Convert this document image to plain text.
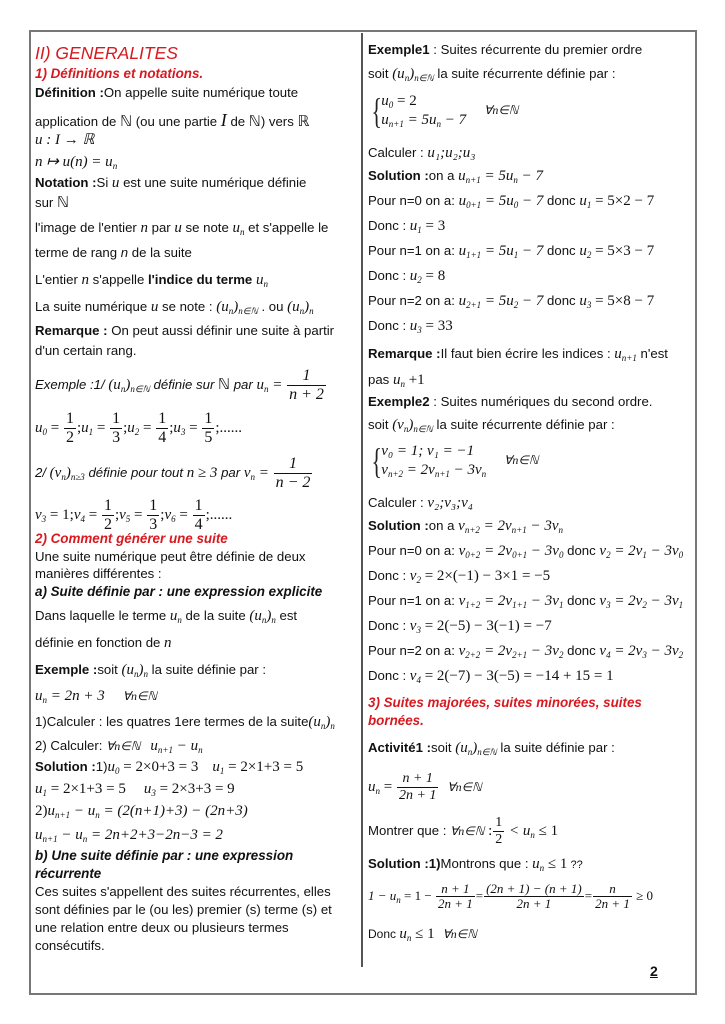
II) GENERALITES
1) Définitions et notations.
Définition :On appelle suite numérique toute
application de ℕ (ou une partie I de ℕ) vers ℝ
u : I → ℝ
n ↦ $u(n) = u_n$
Notation :Si u est une suite numérique définie
sur ℕ
l'image de l'entier n par u se note $u_n$ et s'appelle le
terme de rang n de la suite
L'entier n s'appelle l'indice du terme $u_n$
La suite numérique u se note : $(u_n)_{n\in ℕ}$ . ou $(u_n)_n$
Remarque : On peut aussi définir une suite à partir
d'un certain rang.
Exemple :1/ $(u_n)_{n\in ℕ}$ définie sur ℕ par $u_n = \frac{1}{n + 2}$
$u_0 = \frac{1}{2}$ $;u_1 = \frac{1}{3}$ $;u_2 = \frac{1}{4}$ $;u_3 = \frac{1}{5}$ ;......
2/ $(v_n)_{n\ge 3}$ définie pour tout n ≥ 3 par $v_n = \frac{1}{n - 2}$
$v_3$ = $1;v_4 = \frac{1}{2}$ $;v_5 = \frac{1}{3}$ $;v_6 = \frac{1}{4}$ ;......
2) Comment générer une suite
Une suite numérique peut être définie de deux
manières différentes :
a) Suite définie par : une expression explicite
Dans laquelle le terme $u_n$ de la suite $(u_n)_n$ est
définie en fonction de n
Exemple :soit $(u_n)_n$ la suite définie par :
$u_n = 2n + 3$ ∀n∈ℕ
1)Calculer : les quatres 1ere termes de la $suite(u_n)_n$
2) Calculer: ∀n∈ℕ $u_{n+1} - u_n$
Solution $:1)u_0 = 2\times 0+3 = 3$ $u_1 = 2\times 1+3 = 5$
$u_1 = 2\times 1+3 = 5$ $u_3 = 2\times 3+3 = 9$
$2)u_{n+1} - u_n = (2(n+1)+3) - (2n+3)$
$u_{n+1} - u_n = 2n+2+3-2n-3 = 2$
b) Une suite définie par : une expression
récurrente
Ces suites s'appellent des suites récurrentes, elles
sont définies par le (ou les) premier (s) terme (s) et
une relation entre deux ou plusieurs termes
consécutifs.
Exemple1 : Suites récurrente du premier ordre
soit $(u_n)_{n\in ℕ}$ la suite récurrente définie par :
{ $u_0 = 2$
$u_{n+1} = 5u_n - 7$
∀n∈ℕ
Calculer : u₁;u₂;u₃
Solution :on a $u_{n+1} = 5u_n - 7$
Pour n=0 on a: $u_{0+1} = 5u_0 - 7$ donc $u_1 = 5\times 2 - 7$
Donc : $u_1 = 3$
Pour n=1 on a: $u_{1+1} = 5u_1 - 7$ donc $u_2 = 5\times 3 - 7$
Donc : $u_2 = 8$
Pour n=2 on a: $u_{2+1} = 5u_2 - 7$ donc $u_3 = 5\times 8 - 7$
Donc : $u_3 = 33$
Remarque :Il faut bien écrire les indices : $u_{n+1}$ n'est
pas $u_n +1$
Exemple2 : Suites numériques du second ordre.
soit $(v_n)_{n\in ℕ}$ la suite récurrente définie par :
{ v₀ = 1; v₁ = −1
$v_{n+2} = 2v_{n+1} - 3v_n$
∀n∈ℕ
Calculer : v₂;v₃;v₄
Solution :on a $v_{n+2} = 2v_{n+1} - 3v_n$
Pour n=0 on a: $v_{0+2} = 2v_{0+1} - 3v_0$ donc $v_2 = 2v_1 - 3v_0$
Donc : $v_2 = 2\times(-1) - 3\times 1 = -5$
Pour n=1 on a: $v_{1+2} = 2v_{1+1} - 3v_1$ donc $v_3 = 2v_2 - 3v_1$
Donc : $v_3 = 2(-5) - 3(-1) = -7$
Pour n=2 on a: $v_{2+2} = 2v_{2+1} - 3v_2$ donc $v_4 = 2v_3 - 3v_2$
Donc : $v_4 = 2(-7) - 3(-5) = -14 + 15 = 1$
3) Suites majorées, suites minorées, suites
bornées.
Activité1 :soit $(u_n)_{n\in ℕ}$ la suite définie par :
$u_n = \frac{n + 1}{2n + 1}$ ∀n∈ℕ
Montrer que : ∀n∈ℕ : $\frac{1}{2} < u_n \le 1$
Solution :1)Montrons que : $u_n \le 1$ ??
$1 - u_n = 1 - \frac{n + 1}{2n + 1} = \frac{(2n + 1) - (n + 1)}{2n + 1} = \frac{n}{2n + 1} \ge 0$
Donc $u_n \le 1$ ∀n∈ℕ
2
